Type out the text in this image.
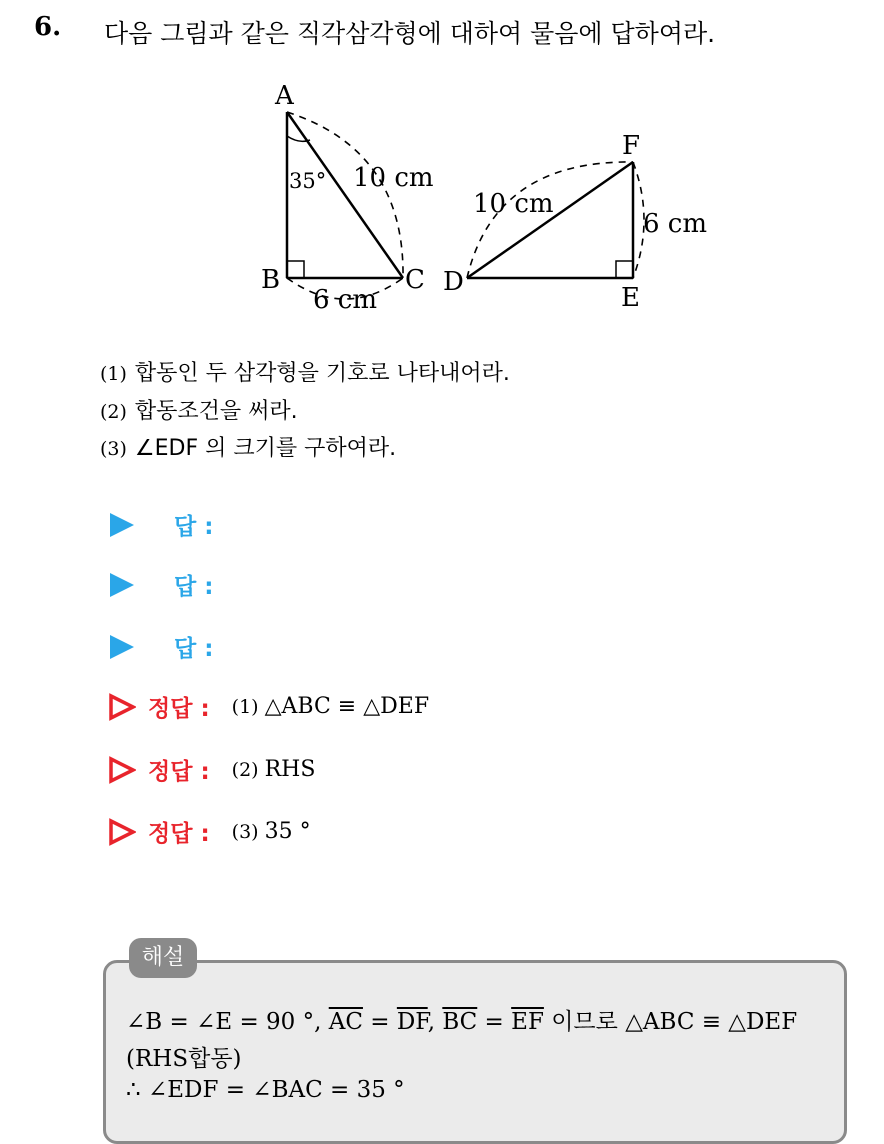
6. 다음 그림과 같은 직각삼각형에 대하여 물음에 답하여라.
A
B	C
35° 10 cm
6 cm
D
E
F
10 cm
6 cm
(1) 합동인 두 삼각형을 기호로 나타내어라.
(2) 합동조건을 써라.
(3) ∠EDF 의 크기를 구하여라.
답 :
답 :
답 :
정답 : (1) △ABC ≡ △DEF
정답 : (2) RHS
정답 : (3) 35 °
해설
∠B = ∠E = 90 °, $\overline{AC} = \overline{DF}$, $\overline{BC} = \overline{EF}$ 이므로 △ABC ≡ △DEF
(RHS합동)
∴ ∠EDF = ∠BAC = 35 °
